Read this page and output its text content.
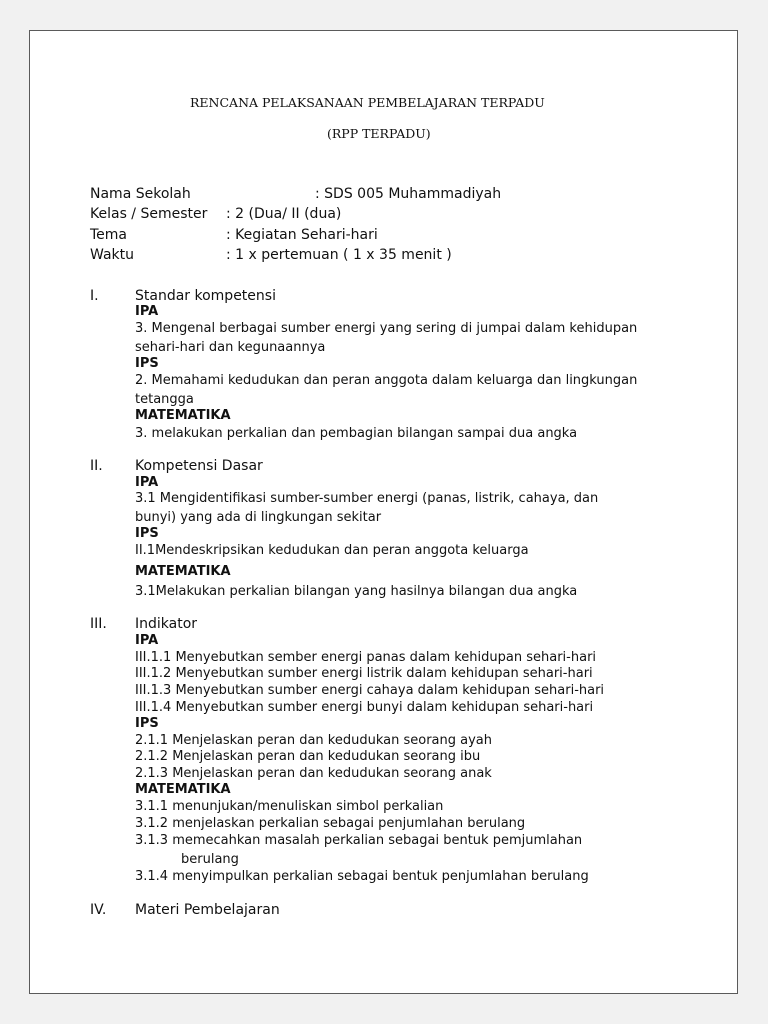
RENCANA PELAKSANAAN PEMBELAJARAN TERPADU
(RPP TERPADU)
Nama Sekolah	: SDS 005 Muhammadiyah
Kelas / Semester : 2 (Dua/ II (dua)
Tema	: Kegiatan Sehari-hari
Waktu	: 1 x pertemuan ( 1 x 35 menit )
I.	Standar kompetensi
IPA
3. Mengenal berbagai sumber energi yang sering di jumpai dalam kehidupan
sehari-hari dan kegunaannya
IPS
2. Memahami kedudukan dan peran anggota dalam keluarga dan lingkungan
tetangga
MATEMATIKA
3. melakukan perkalian dan pembagian bilangan sampai dua angka
II. Kompetensi Dasar
IPA
3.1 Mengidentifikasi sumber-sumber energi (panas, listrik, cahaya, dan
bunyi) yang ada di lingkungan sekitar
IPS
II.1Mendeskripsikan kedudukan dan peran anggota keluarga
MATEMATIKA
3.1Melakukan perkalian bilangan yang hasilnya bilangan dua angka
III. Indikator
IPA
III.1.1 Menyebutkan sember energi panas dalam kehidupan sehari-hari
III.1.2 Menyebutkan sumber energi listrik dalam kehidupan sehari-hari
III.1.3 Menyebutkan sumber energi cahaya dalam kehidupan sehari-hari
III.1.4 Menyebutkan sumber energi bunyi dalam kehidupan sehari-hari
IPS
2.1.1 Menjelaskan peran dan kedudukan seorang ayah
2.1.2 Menjelaskan peran dan kedudukan seorang ibu
2.1.3 Menjelaskan peran dan kedudukan seorang anak
MATEMATIKA
3.1.1 menunjukan/menuliskan simbol perkalian
3.1.2 menjelaskan perkalian sebagai penjumlahan berulang
3.1.3 memecahkan masalah perkalian sebagai bentuk pemjumlahan
berulang
3.1.4 menyimpulkan perkalian sebagai bentuk penjumlahan berulang
IV. Materi Pembelajaran
